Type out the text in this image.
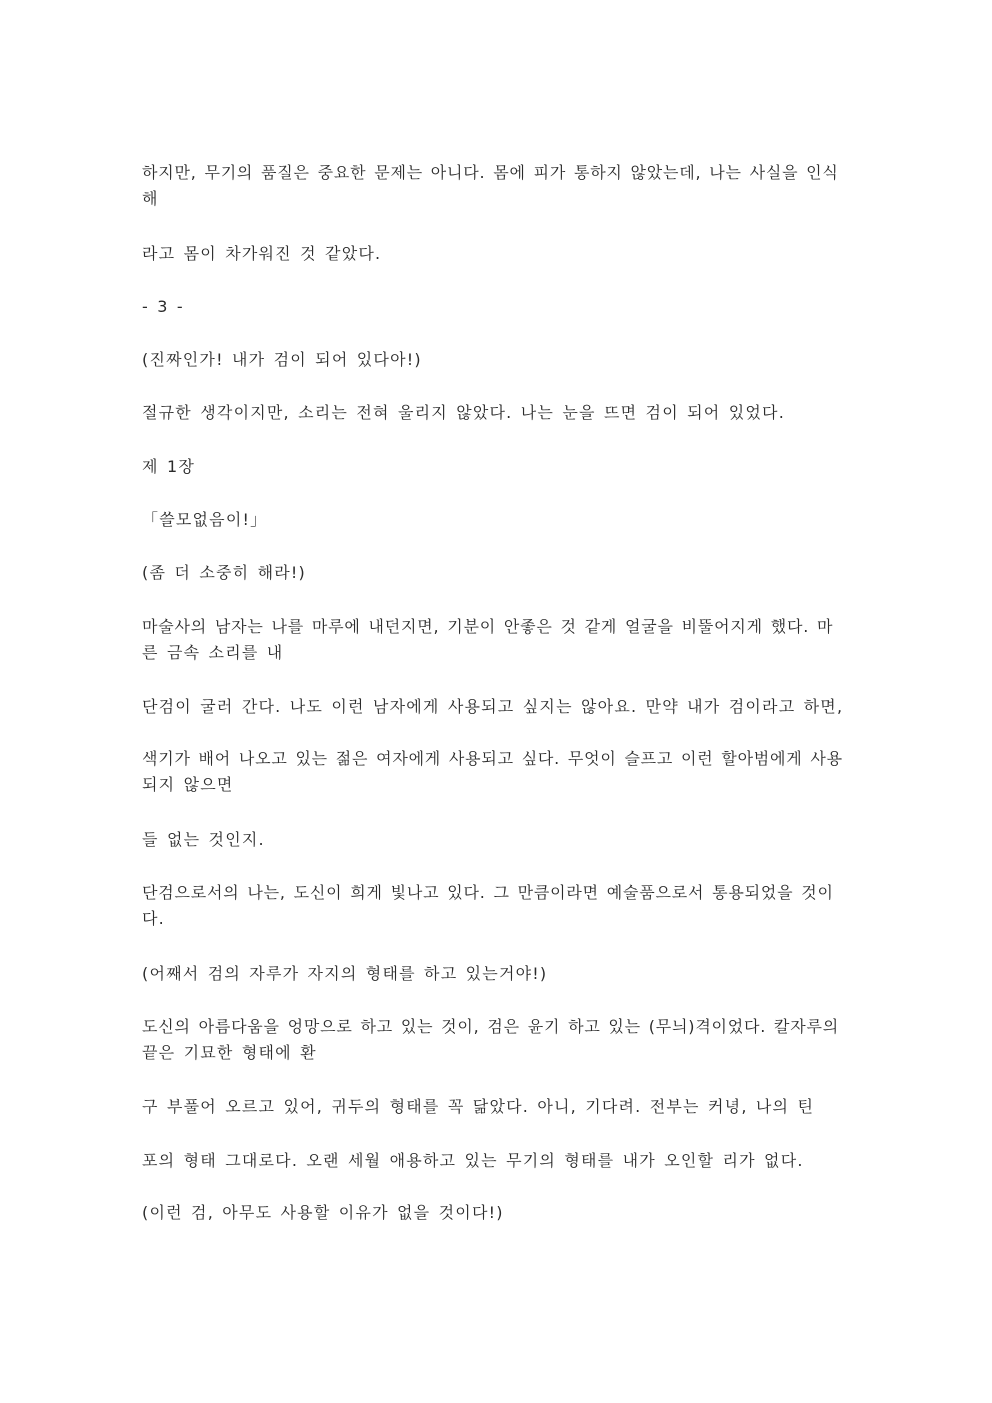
하지만, 무기의 품질은 중요한 문제는 아니다. 몸에 피가 통하지 않았는데, 나는 사실을 인식
해
라고 몸이 차가워진 것 같았다.
- 3 -
(진짜인가! 내가 검이 되어 있다아!)
절규한 생각이지만, 소리는 전혀 울리지 않았다. 나는 눈을 뜨면 검이 되어 있었다.
제 1장
「쓸모없음이!」
(좀 더 소중히 해라!)
마술사의 남자는 나를 마루에 내던지면, 기분이 안좋은 것 같게 얼굴을 비뚤어지게 했다. 마
른 금속 소리를 내
단검이 굴러 간다. 나도 이런 남자에게 사용되고 싶지는 않아요. 만약 내가 검이라고 하면,
색기가 배어 나오고 있는 젊은 여자에게 사용되고 싶다. 무엇이 슬프고 이런 할아범에게 사용
되지 않으면
들 없는 것인지.
단검으로서의 나는, 도신이 희게 빛나고 있다. 그 만큼이라면 예술품으로서 통용되었을 것이
다.
(어째서 검의 자루가 자지의 형태를 하고 있는거야!)
도신의 아름다움을 엉망으로 하고 있는 것이, 검은 윤기 하고 있는 (무늬)격이었다. 칼자루의
끝은 기묘한 형태에 환
구 부풀어 오르고 있어, 귀두의 형태를 꼭 닮았다. 아니, 기다려. 전부는 커녕, 나의 틴
포의 형태 그대로다. 오랜 세월 애용하고 있는 무기의 형태를 내가 오인할 리가 없다.
(이런 검, 아무도 사용할 이유가 없을 것이다!)
